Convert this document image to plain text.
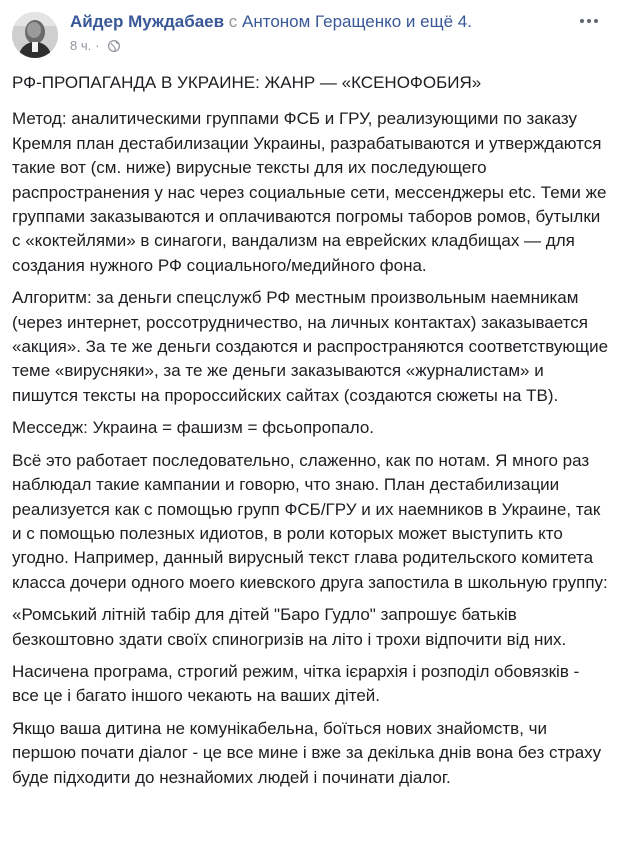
Айдер Муждабаев с Антоном Геращенко и ещё 4.
8 ч. ·

РФ-ПРОПАГАНДА В УКРАИНЕ: ЖАНР — «КСЕНОФОБИЯ»

Метод: аналитическими группами ФСБ и ГРУ, реализующими по заказу Кремля план дестабилизации Украины, разрабатываются и утверждаются такие вот (см. ниже) вирусные тексты для их последующего распространения у нас через социальные сети, мессенджеры etc. Теми же группами заказываются и оплачиваются погромы таборов ромов, бутылки с «коктейлями» в синагоги, вандализм на еврейских кладбищах — для создания нужного РФ социального/медийного фона.

Алгоритм: за деньги спецслужб РФ местным произвольным наемникам (через интернет, россотрудничество, на личных контактах) заказывается «акция». За те же деньги создаются и распространяются соответствующие теме «вирусняки», за те же деньги заказываются «журналистам» и пишутся тексты на пророссийских сайтах (создаются сюжеты на ТВ).

Месседж: Украина = фашизм = фсьопропало.

Всё это работает последовательно, слаженно, как по нотам. Я много раз наблюдал такие кампании и говорю, что знаю. План дестабилизации реализуется как с помощью групп ФСБ/ГРУ и их наемников в Украине, так и с помощью полезных идиотов, в роли которых может выступить кто угодно. Например, данный вирусный текст глава родительского комитета класса дочери одного моего киевского друга запостила в школьную группу:

«Ромський літній табір для дітей "Баро Гудло" запрошує батьків безкоштовно здати своїх спиногризів на літо і трохи відпочити від них.

Насичена програма, строгий режим, чітка ієрархія і розподіл обовязків - все це і багато іншого чекають на ваших дітей.

Якщо ваша дитина не комунікабельна, боїться нових знайомств, чи першою почати діалог - це все мине і вже за декілька днів вона без страху буде підходити до незнайомих людей і починати діалог.
